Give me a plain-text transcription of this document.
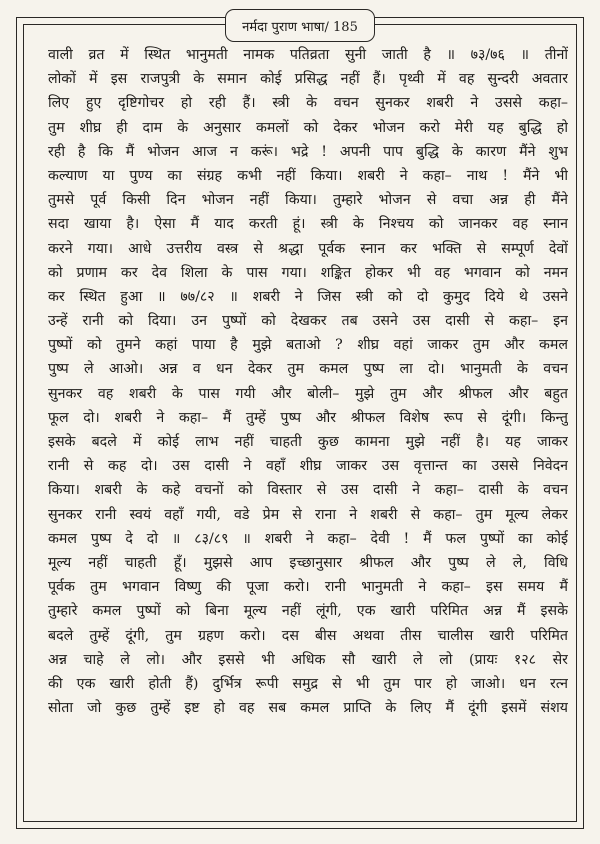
नर्मदा पुराण भाषा/ 185
वाली व्रत में स्थित भानुमती नामक पतिव्रता सुनी जाती है ॥ ७३/७६ ॥ तीनों
लोकों में इस राजपुत्री के समान कोई प्रसिद्ध नहीं हैं। पृथ्वी में वह सुन्दरी अवतार
लिए हुए दृष्टिगोचर हो रही हैं। स्त्री के वचन सुनकर शबरी ने उससे कहा–
तुम शीघ्र ही दाम के अनुसार कमलों को देकर भोजन करो मेरी यह बुद्धि हो
रही है कि मैं भोजन आज न करूं। भद्रे ! अपनी पाप बुद्धि के कारण मैंने शुभ
कल्याण या पुण्य का संग्रह कभी नहीं किया। शबरी ने कहा– नाथ ! मैंने भी
तुमसे पूर्व किसी दिन भोजन नहीं किया। तुम्हारे भोजन से वचा अन्न ही मैंने
सदा खाया है। ऐसा मैं याद करती हूं। स्त्री के निश्चय को जानकर वह स्नान
करने गया। आधे उत्तरीय वस्त्र से श्रद्धा पूर्वक स्नान कर भक्ति से सम्पूर्ण देवों
को प्रणाम कर देव शिला के पास गया। शङ्कित होकर भी वह भगवान को नमन
कर स्थित हुआ ॥ ७७/८२ ॥ शबरी ने जिस स्त्री को दो कुमुद दिये थे उसने
उन्हें रानी को दिया। उन पुष्पों को देखकर तब उसने उस दासी से कहा– इन
पुष्पों को तुमने कहां पाया है मुझे बताओ ? शीघ्र वहां जाकर तुम और कमल
पुष्प ले आओ। अन्न व धन देकर तुम कमल पुष्प ला दो। भानुमती के वचन
सुनकर वह शबरी के पास गयी और बोली– मुझे तुम और श्रीफल और बहुत
फूल दो। शबरी ने कहा– मैं तुम्हें पुष्प और श्रीफल विशेष रूप से दूंगी। किन्तु
इसके बदले में कोई लाभ नहीं चाहती कुछ कामना मुझे नहीं है। यह जाकर
रानी से कह दो। उस दासी ने वहाँ शीघ्र जाकर उस वृत्तान्त का उससे निवेदन
किया। शबरी के कहे वचनों को विस्तार से उस दासी ने कहा– दासी के वचन
सुनकर रानी स्वयं वहाँ गयी, वडे प्रेम से राना ने शबरी से कहा– तुम मूल्य लेकर
कमल पुष्प दे दो ॥ ८३/८९ ॥ शबरी ने कहा– देवी ! मैं फल पुष्पों का कोई
मूल्य नहीं चाहती हूँ। मुझसे आप इच्छानुसार श्रीफल और पुष्प ले ले, विधि
पूर्वक तुम भगवान विष्णु की पूजा करो। रानी भानुमती ने कहा– इस समय मैं
तुम्हारे कमल पुष्पों को बिना मूल्य नहीं लूंगी, एक खारी परिमित अन्न मैं इसके
बदले तुम्हें दूंगी, तुम ग्रहण करो। दस बीस अथवा तीस चालीस खारी परिमित
अन्न चाहे ले लो। और इससे भी अधिक सौ खारी ले लो (प्रायः १२८ सेर
की एक खारी होती हैं) दुर्भित्र रूपी समुद्र से भी तुम पार हो जाओ। धन रत्न
सोता जो कुछ तुम्हें इष्ट हो वह सब कमल प्राप्ति के लिए मैं दूंगी इसमें संशय
